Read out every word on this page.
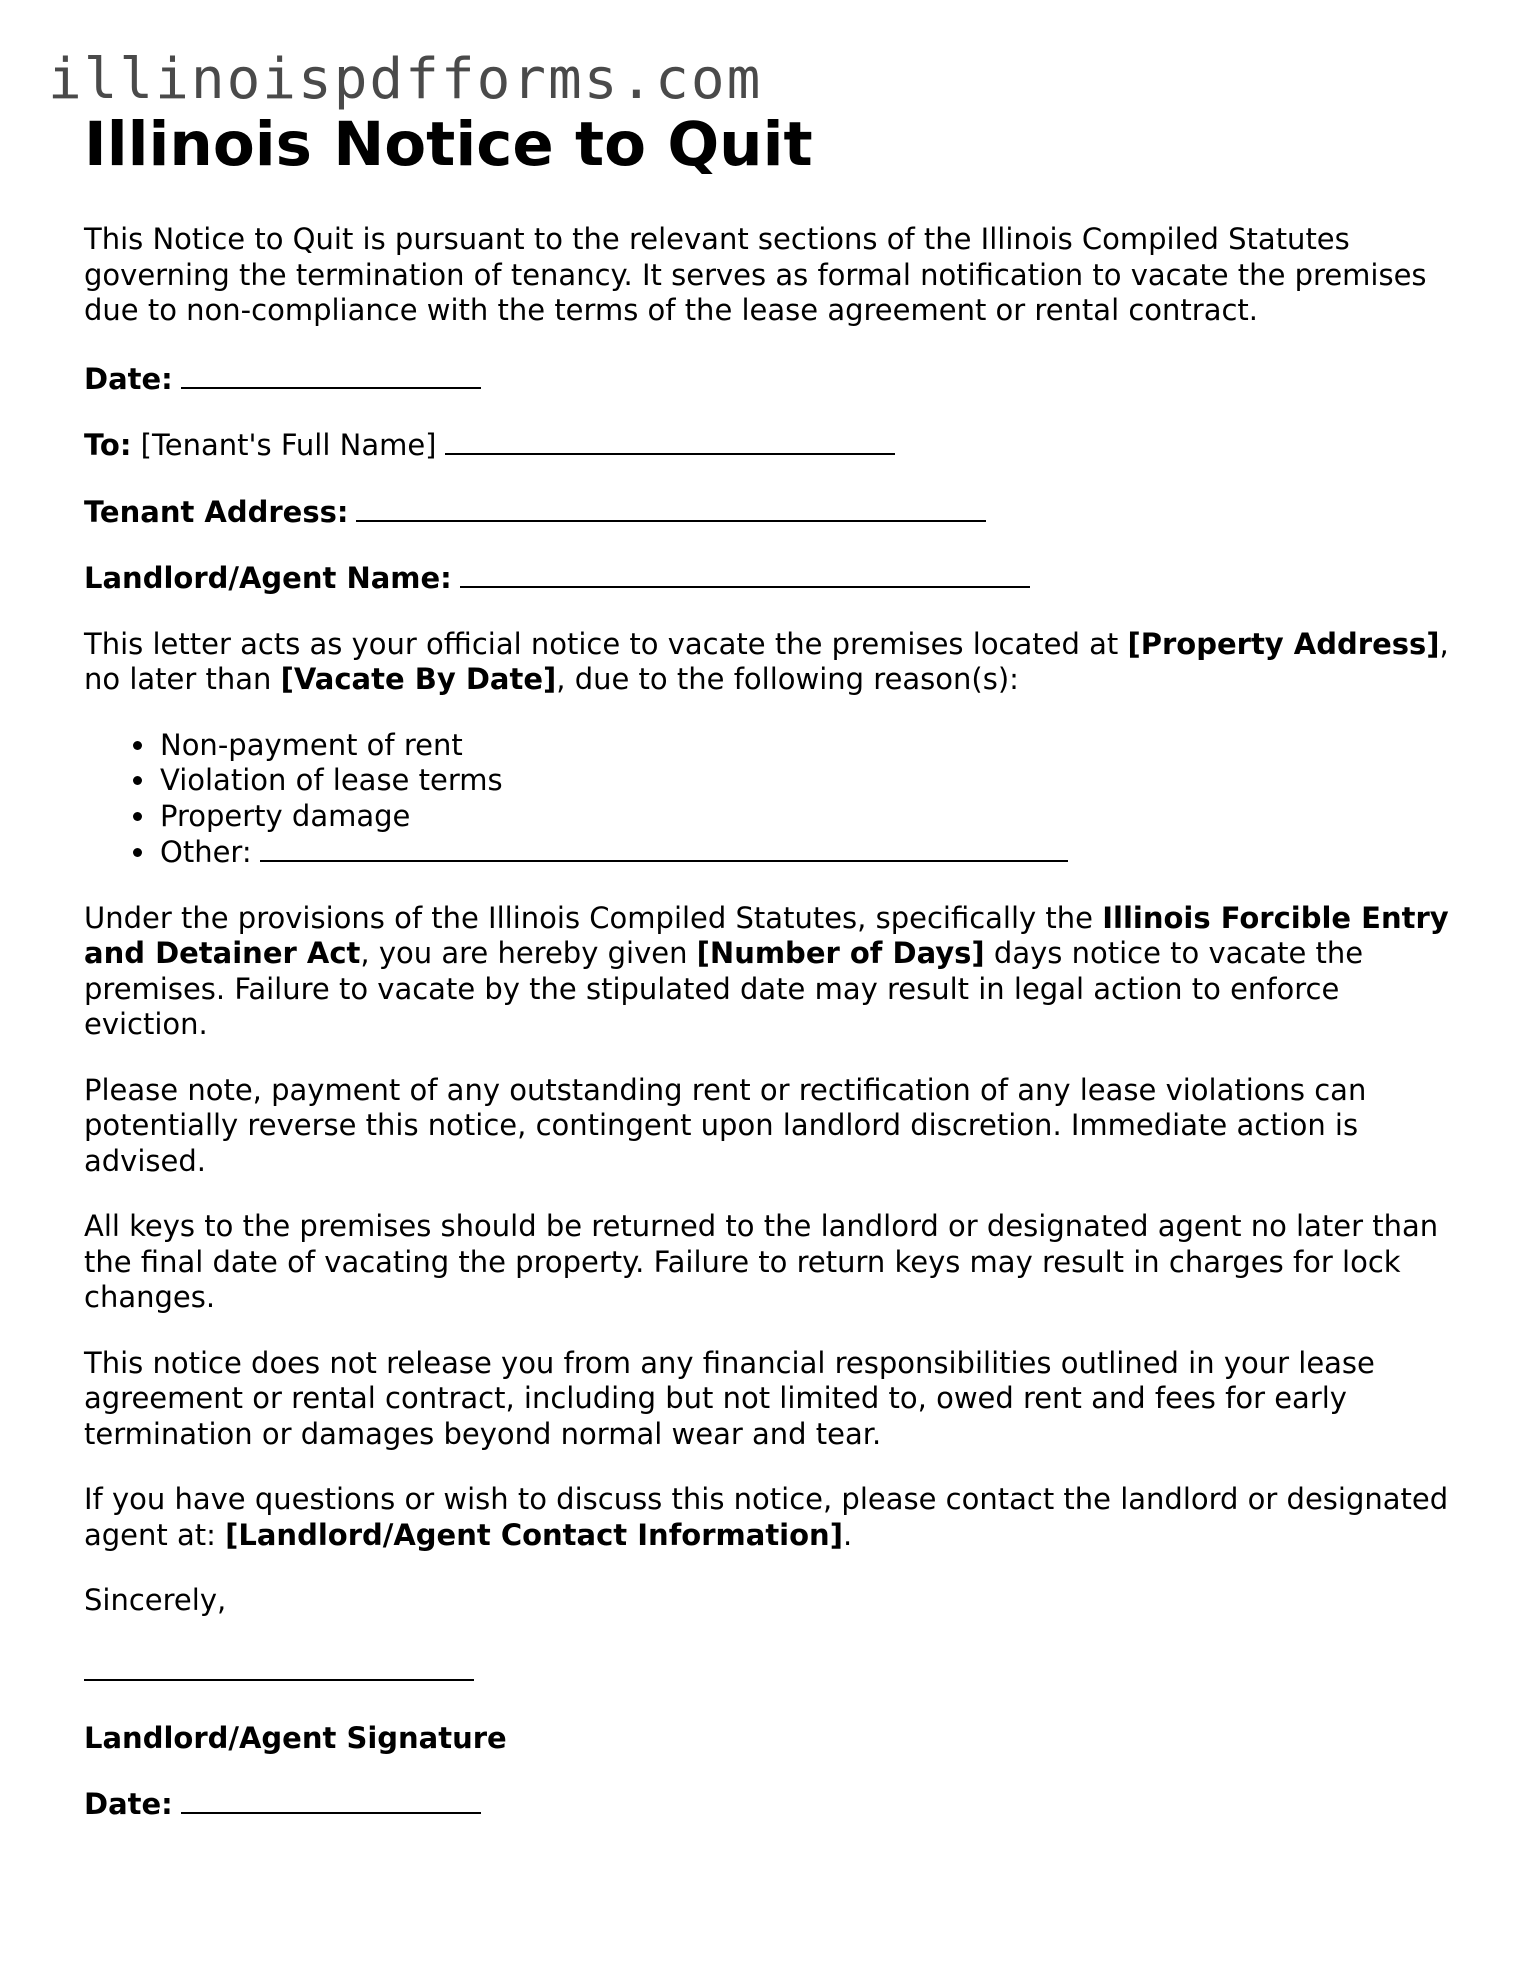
illinoispdfforms.com
Illinois Notice to Quit

This Notice to Quit is pursuant to the relevant sections of the Illinois Compiled Statutes governing the termination of tenancy. It serves as formal notification to vacate the premises due to non-compliance with the terms of the lease agreement or rental contract.

Date:

To: [Tenant's Full Name]

Tenant Address:

Landlord/Agent Name:

This letter acts as your official notice to vacate the premises located at [Property Address], no later than [Vacate By Date], due to the following reason(s):

• Non-payment of rent
• Violation of lease terms
• Property damage
• Other:

Under the provisions of the Illinois Compiled Statutes, specifically the Illinois Forcible Entry and Detainer Act, you are hereby given [Number of Days] days notice to vacate the premises. Failure to vacate by the stipulated date may result in legal action to enforce eviction.

Please note, payment of any outstanding rent or rectification of any lease violations can potentially reverse this notice, contingent upon landlord discretion. Immediate action is advised.

All keys to the premises should be returned to the landlord or designated agent no later than the final date of vacating the property. Failure to return keys may result in charges for lock changes.

This notice does not release you from any financial responsibilities outlined in your lease agreement or rental contract, including but not limited to, owed rent and fees for early termination or damages beyond normal wear and tear.

If you have questions or wish to discuss this notice, please contact the landlord or designated agent at: [Landlord/Agent Contact Information].

Sincerely,

Landlord/Agent Signature

Date:
